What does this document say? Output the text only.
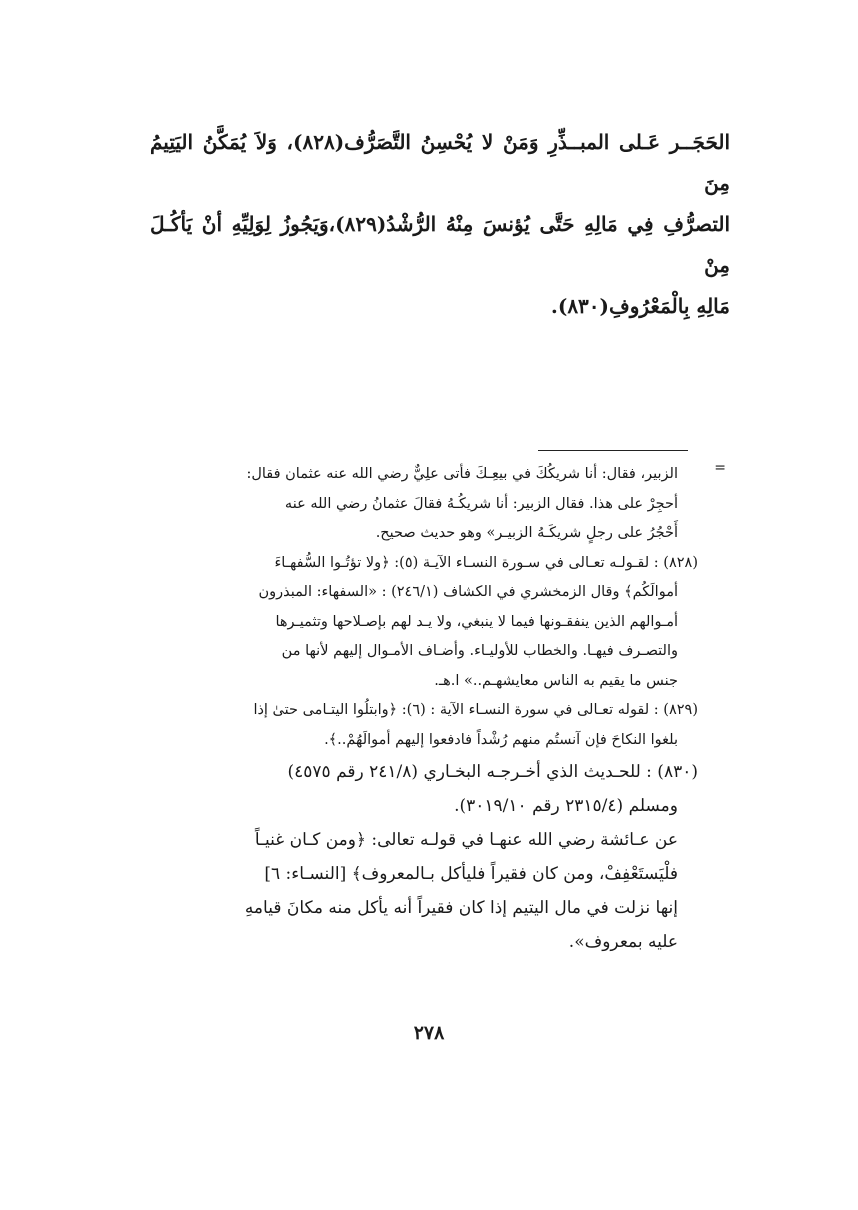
الحَجَــر عَـلى المبــذِّرِ وَمَنْ لا يُحْسِنُ التَّصَرُّف(٨٢٨)، وَلاَ يُمَكَّنُ اليَتِيمُ مِنَ

التصرُّفِ فِي مَالِهِ حَتَّى يُؤنسَ مِنْهُ الرُّشْدُ(٨٢٩)،وَيَجُوزُ لِوَلِيِّهِ أنْ يَأكُـلَ مِنْ

مَالِهِ بِالْمَعْرُوفِ(٨٣٠).

=

الزبير، فقال: أنا شريكُكَ في بيعِـكَ فأتى علِيٌّ رضي الله عنه عثمان فقال:

أحجِرْ على هذا. فقال الزبير: أنا شريكُـهُ فقالَ عثمانُ رضي الله عنه

أَحْجُرُ على رجلٍ شريكَـهُ الزبيـر» وهو حديث صحيح.

(٨٢٨) : لقـولـه تعـالى في سـورة النسـاء الآيـة (٥): ﴿ولا تؤتُـوا السُّفهـاءَ

أموالَكُم﴾ وقال الزمخشري في الكشاف (٢٤٦/١) : «السفهاء: المبذرون

أمـوالهم الذين ينفقـونها فيما لا ينبغي، ولا يـد لهم بإصـلاحها وتثميـرها

والتصـرف فيهـا. والخطاب للأوليـاء. وأضـاف الأمـوال إليهم لأنها من

جنس ما يقيم به الناس معايشهـم..» ا.هـ.

(٨٢٩) : لقوله تعـالى في سورة النسـاء الآية : (٦): ﴿وابتلُوا اليتـامى حتىٰ إذا

بلغوا النكاحَ فإن آنستُم منهم رُشْداً فادفعوا إليهم أموالَهُمْ..﴾.

(٨٣٠) : للحـديث الذي أخـرجـه البخـاري (٢٤١/٨ رقم ٤٥٧٥)

ومسلم (٢٣١٥/٤ رقم ٣٠١٩/١٠).

عن عـائشة رضي الله عنهـا في قولـه تعالى: ﴿ومن كـان غنيـاً

فلْيَستَعْفِفْ، ومن كان فقيراً فليأكل بـالمعروف﴾ [النسـاء: ٦]

إنها نزلت في مال اليتيم إذا كان فقيراً أنه يأكل منه مكانَ قيامهِ

عليه بمعروف».

٢٧٨
